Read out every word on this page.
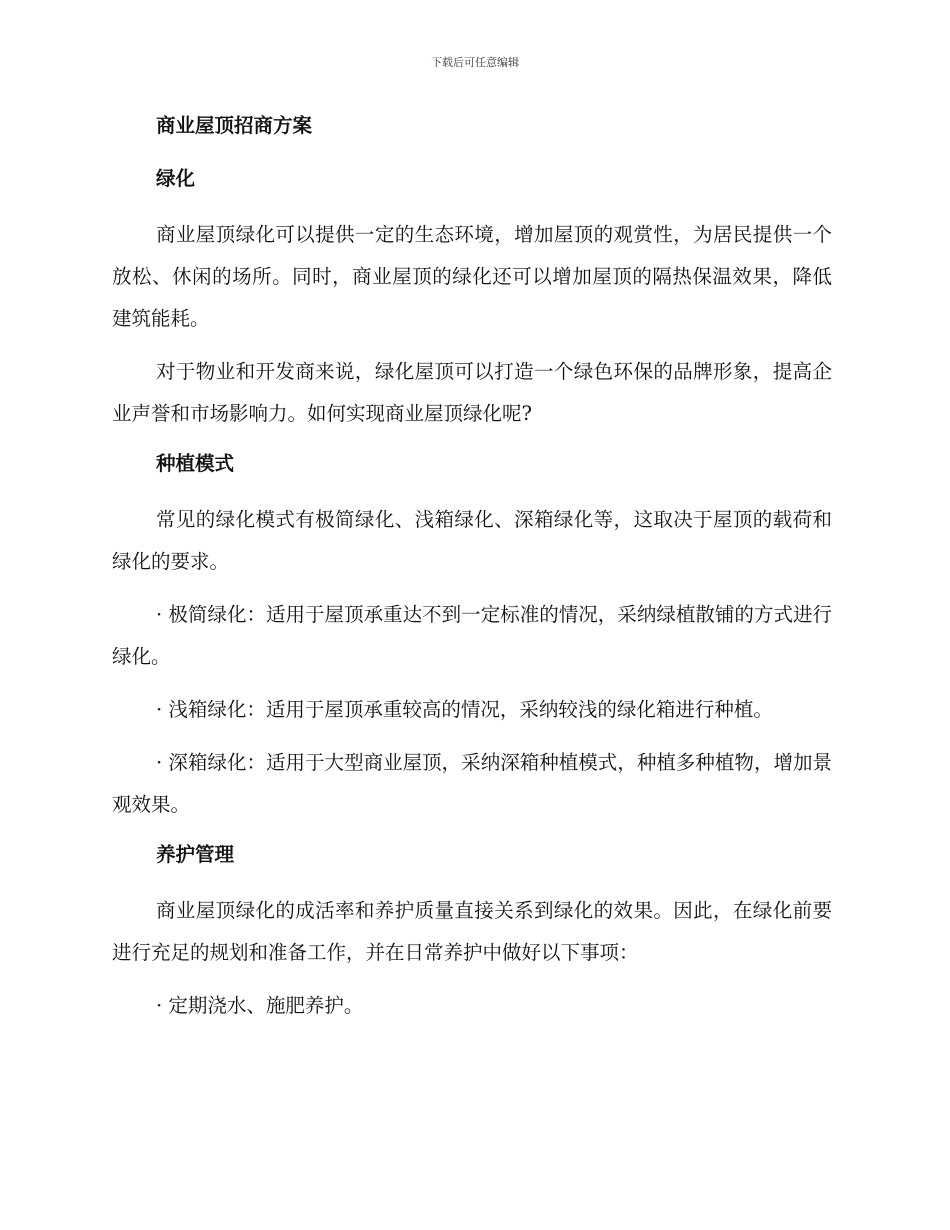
下载后可任意编辑
商业屋顶招商方案
绿化

商业屋顶绿化可以提供一定的生态环境，增加屋顶的观赏性，为居民提供一个放松、休闲的场所。同时，商业屋顶的绿化还可以增加屋顶的隔热保温效果，降低建筑能耗。

对于物业和开发商来说，绿化屋顶可以打造一个绿色环保的品牌形象，提高企业声誉和市场影响力。如何实现商业屋顶绿化呢?

种植模式

常见的绿化模式有极简绿化、浅箱绿化、深箱绿化等，这取决于屋顶的载荷和绿化的要求。

· 极简绿化：适用于屋顶承重达不到一定标准的情况，采纳绿植散铺的方式进行绿化。

· 浅箱绿化：适用于屋顶承重较高的情况，采纳较浅的绿化箱进行种植。

· 深箱绿化：适用于大型商业屋顶，采纳深箱种植模式，种植多种植物，增加景观效果。

养护管理

商业屋顶绿化的成活率和养护质量直接关系到绿化的效果。因此，在绿化前要进行充足的规划和准备工作，并在日常养护中做好以下事项：

· 定期浇水、施肥养护。
